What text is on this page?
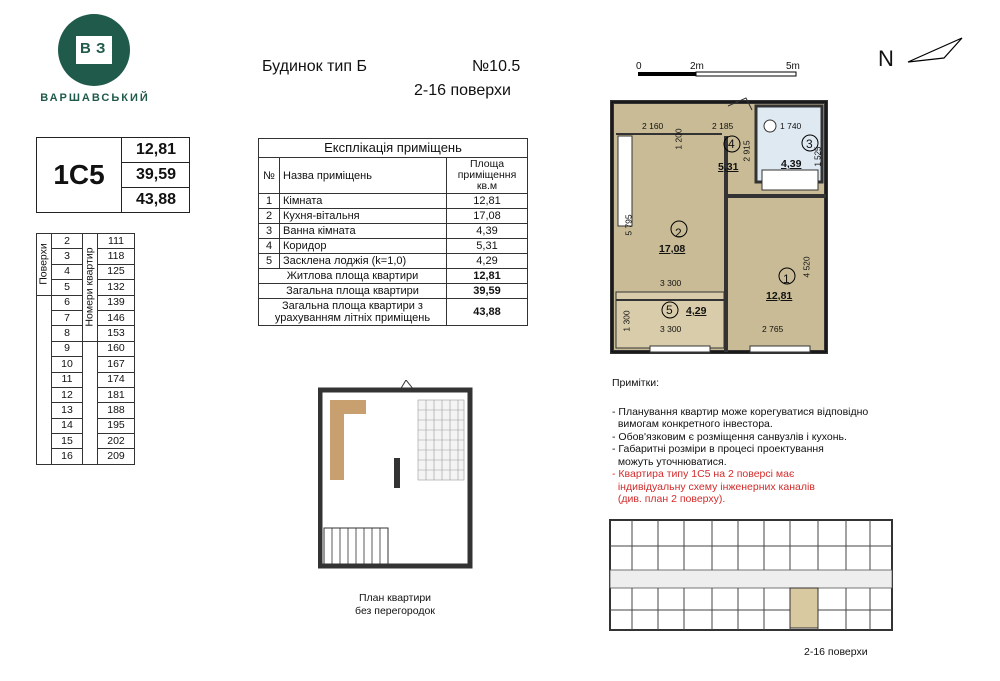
В З
ВАРШАВСЬКИЙ
Будинок тип Б	№10.5
2-16 поверхи
1С5
12,81
39,59
43,88
Поверхи	2	Номери квартир	111
	3		118
	4		125
	5		132
	6		139
	7		146
	8		153
	9		160
	10		167
	11		174
	12		181
	13		188
	14		195
	15		202
	16		209
Експлікація приміщень		
№	Назва приміщень	Площа приміщення кв.м
1	Кімната	12,81
2	Кухня-вітальня	17,08
3	Ванна кімната	4,39
4	Коридор	5,31
5	Засклена лоджія (k=1,0)	4,29
Житлова площа квартири		12,81
Загальна площа квартири		39,59
Загальна площа квартири з урахуванням літніх приміщень		43,88
0	2m	5m	N
2
17,08
1
12,81
3
4,39
4
5,31
5 4,29
2 160	2 185	1 740
1 200
2 915
5 795
4 520
3 300
3 300
1 300	2 765
1 525
План квартири
без перегородок
Примітки:
- Планування квартир може корегуватися відповідно
вимогам конкретного інвестора.
- Обов'язковим є розміщення санвузлів і кухонь.
- Габаритні розміри в процесі проектування
можуть уточнюватися.
- Квартира типу 1С5 на 2 поверсі має
індивідуальну схему інженерних каналів
(див. план 2 поверху).
2-16 поверхи
